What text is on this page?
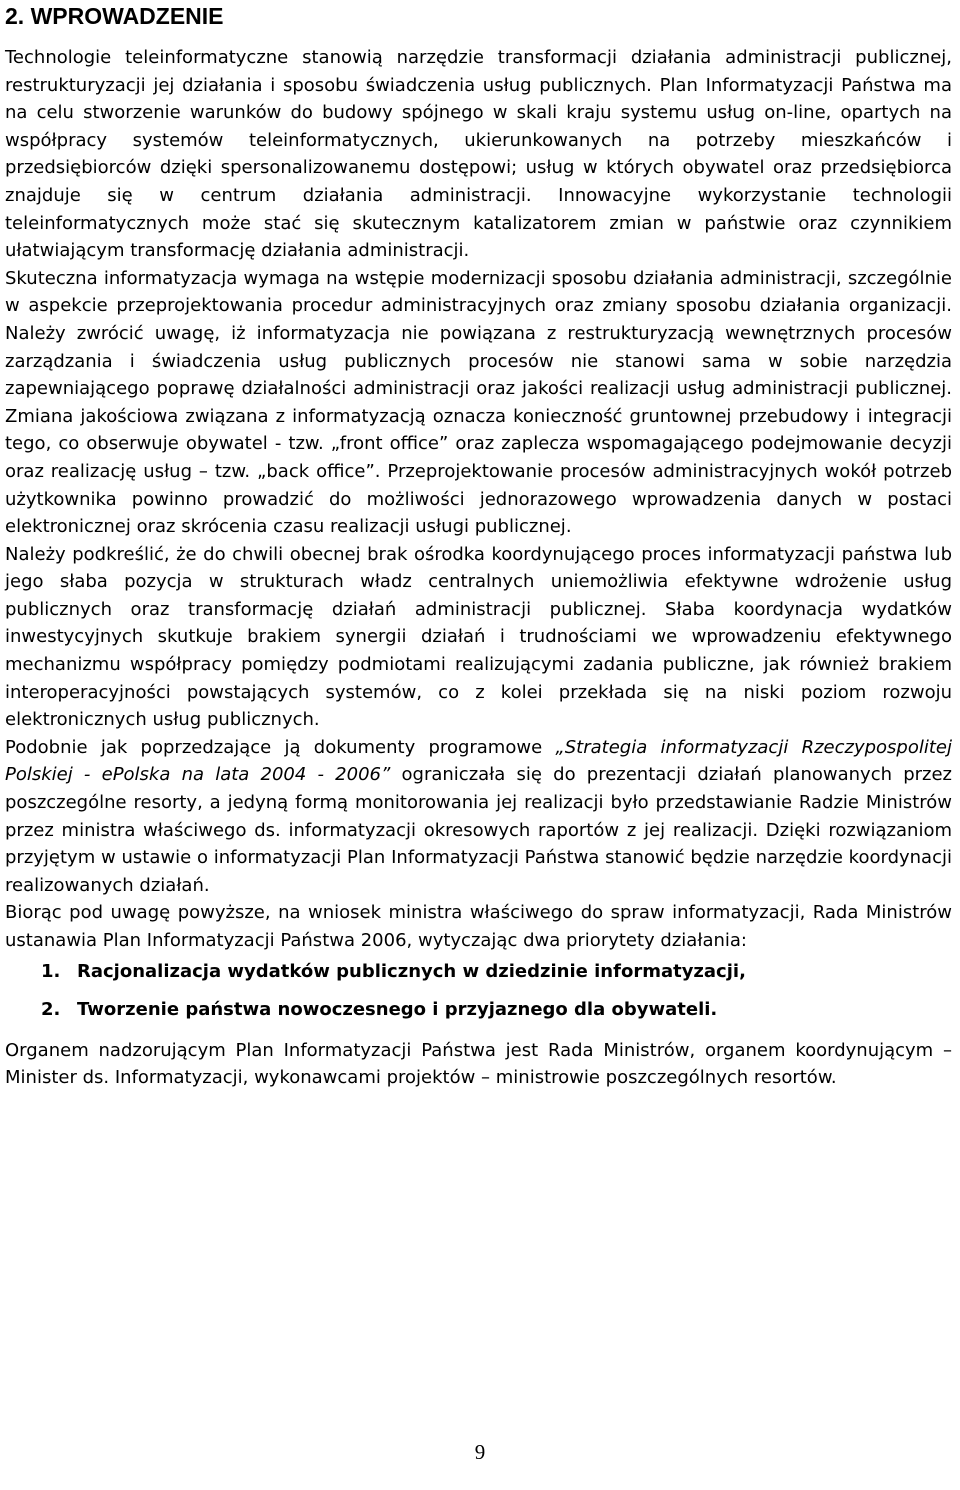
2. WPROWADZENIE

Technologie teleinformatyczne stanowią narzędzie transformacji działania administracji publicznej, restrukturyzacji jej działania i sposobu świadczenia usług publicznych. Plan Informatyzacji Państwa ma na celu stworzenie warunków do budowy spójnego w skali kraju systemu usług on-line, opartych na współpracy systemów teleinformatycznych, ukierunkowanych na potrzeby mieszkańców i przedsiębiorców dzięki spersonalizowanemu dostępowi; usług w których obywatel oraz przedsiębiorca znajduje się w centrum działania administracji. Innowacyjne wykorzystanie technologii teleinformatycznych może stać się skutecznym katalizatorem zmian w państwie oraz czynnikiem ułatwiającym transformację działania administracji.

Skuteczna informatyzacja wymaga na wstępie modernizacji sposobu działania administracji, szczególnie w aspekcie przeprojektowania procedur administracyjnych oraz zmiany sposobu działania organizacji. Należy zwrócić uwagę, iż informatyzacja nie powiązana z restrukturyzacją wewnętrznych procesów zarządzania i świadczenia usług publicznych procesów nie stanowi sama w sobie narzędzia zapewniającego poprawę działalności administracji oraz jakości realizacji usług administracji publicznej. Zmiana jakościowa związana z informatyzacją oznacza konieczność gruntownej przebudowy i integracji tego, co obserwuje obywatel - tzw. „front office” oraz zaplecza wspomagającego podejmowanie decyzji oraz realizację usług – tzw. „back office”. Przeprojektowanie procesów administracyjnych wokół potrzeb użytkownika powinno prowadzić do możliwości jednorazowego wprowadzenia danych w postaci elektronicznej oraz skrócenia czasu realizacji usługi publicznej.

Należy podkreślić, że do chwili obecnej brak ośrodka koordynującego proces informatyzacji państwa lub jego słaba pozycja w strukturach władz centralnych uniemożliwia efektywne wdrożenie usług publicznych oraz transformację działań administracji publicznej. Słaba koordynacja wydatków inwestycyjnych skutkuje brakiem synergii działań i trudnościami we wprowadzeniu efektywnego mechanizmu współpracy pomiędzy podmiotami realizującymi zadania publiczne, jak również brakiem interoperacyjności powstających systemów, co z kolei przekłada się na niski poziom rozwoju elektronicznych usług publicznych.

Podobnie jak poprzedzające ją dokumenty programowe „Strategia informatyzacji Rzeczypospolitej Polskiej - ePolska na lata 2004 - 2006” ograniczała się do prezentacji działań planowanych przez poszczególne resorty, a jedyną formą monitorowania jej realizacji było przedstawianie Radzie Ministrów przez ministra właściwego ds. informatyzacji okresowych raportów z jej realizacji. Dzięki rozwiązaniom przyjętym w ustawie o informatyzacji Plan Informatyzacji Państwa stanowić będzie narzędzie koordynacji realizowanych działań.

Biorąc pod uwagę powyższe, na wniosek ministra właściwego do spraw informatyzacji, Rada Ministrów ustanawia Plan Informatyzacji Państwa 2006, wytyczając dwa priorytety działania:

1. Racjonalizacja wydatków publicznych w dziedzinie informatyzacji,
2. Tworzenie państwa nowoczesnego i przyjaznego dla obywateli.

Organem nadzorującym Plan Informatyzacji Państwa jest Rada Ministrów, organem koordynującym – Minister ds. Informatyzacji, wykonawcami projektów – ministrowie poszczególnych resortów.

9
